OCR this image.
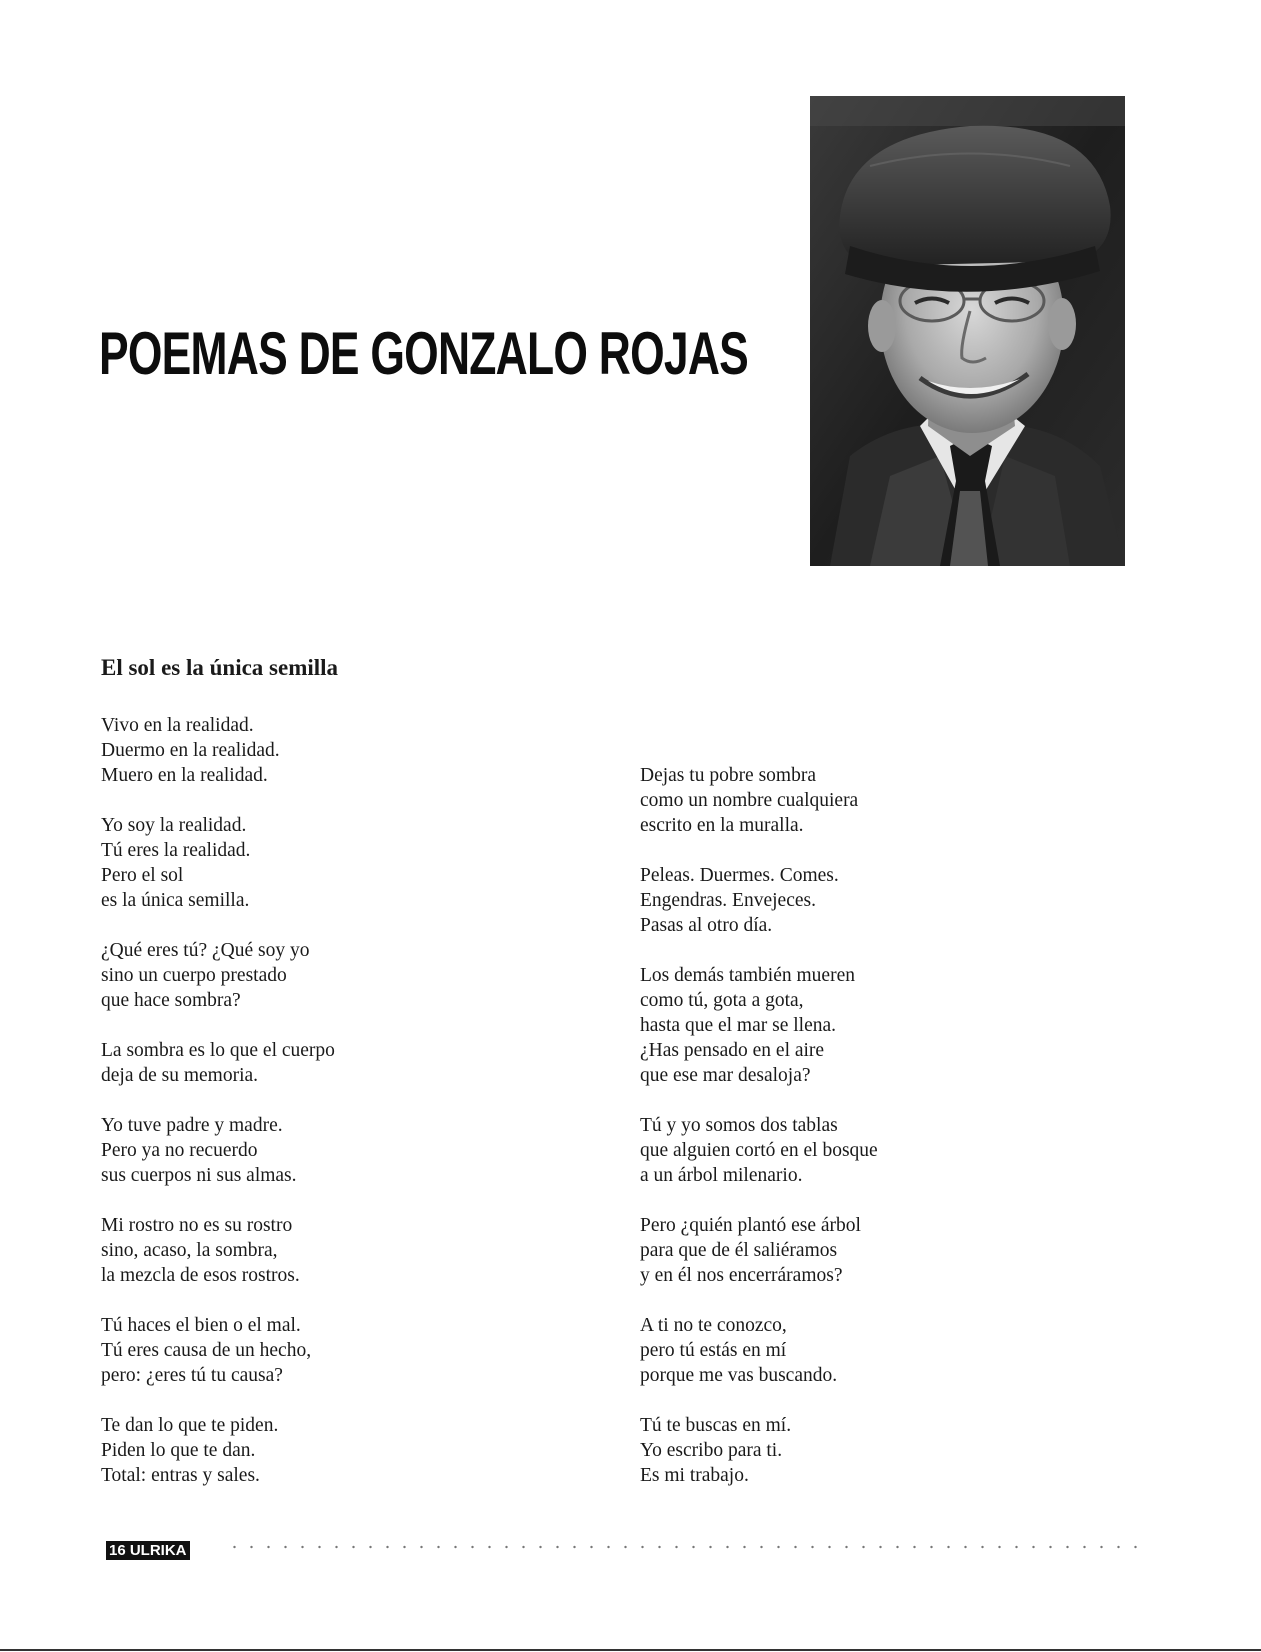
POEMAS DE GONZALO ROJAS
El sol es la única semilla
Vivo en la realidad.
Duermo en la realidad.
Muero en la realidad.
Yo soy la realidad.
Tú eres la realidad.
Pero el sol
es la única semilla.
¿Qué eres tú? ¿Qué soy yo
sino un cuerpo prestado
que hace sombra?
La sombra es lo que el cuerpo
deja de su memoria.
Yo tuve padre y madre.
Pero ya no recuerdo
sus cuerpos ni sus almas.
Mi rostro no es su rostro
sino, acaso, la sombra,
la mezcla de esos rostros.
Tú haces el bien o el mal.
Tú eres causa de un hecho,
pero: ¿eres tú tu causa?
Te dan lo que te piden.
Piden lo que te dan.
Total: entras y sales.
Dejas tu pobre sombra
como un nombre cualquiera
escrito en la muralla.
Peleas. Duermes. Comes.
Engendras. Envejeces.
Pasas al otro día.
Los demás también mueren
como tú, gota a gota,
hasta que el mar se llena.
¿Has pensado en el aire
que ese mar desaloja?
Tú y yo somos dos tablas
que alguien cortó en el bosque
a un árbol milenario.
Pero ¿quién plantó ese árbol
para que de él saliéramos
y en él nos encerráramos?
A ti no te conozco,
pero tú estás en mí
porque me vas buscando.
Tú te buscas en mí.
Yo escribo para ti.
Es mi trabajo.
16 ULRIKA
